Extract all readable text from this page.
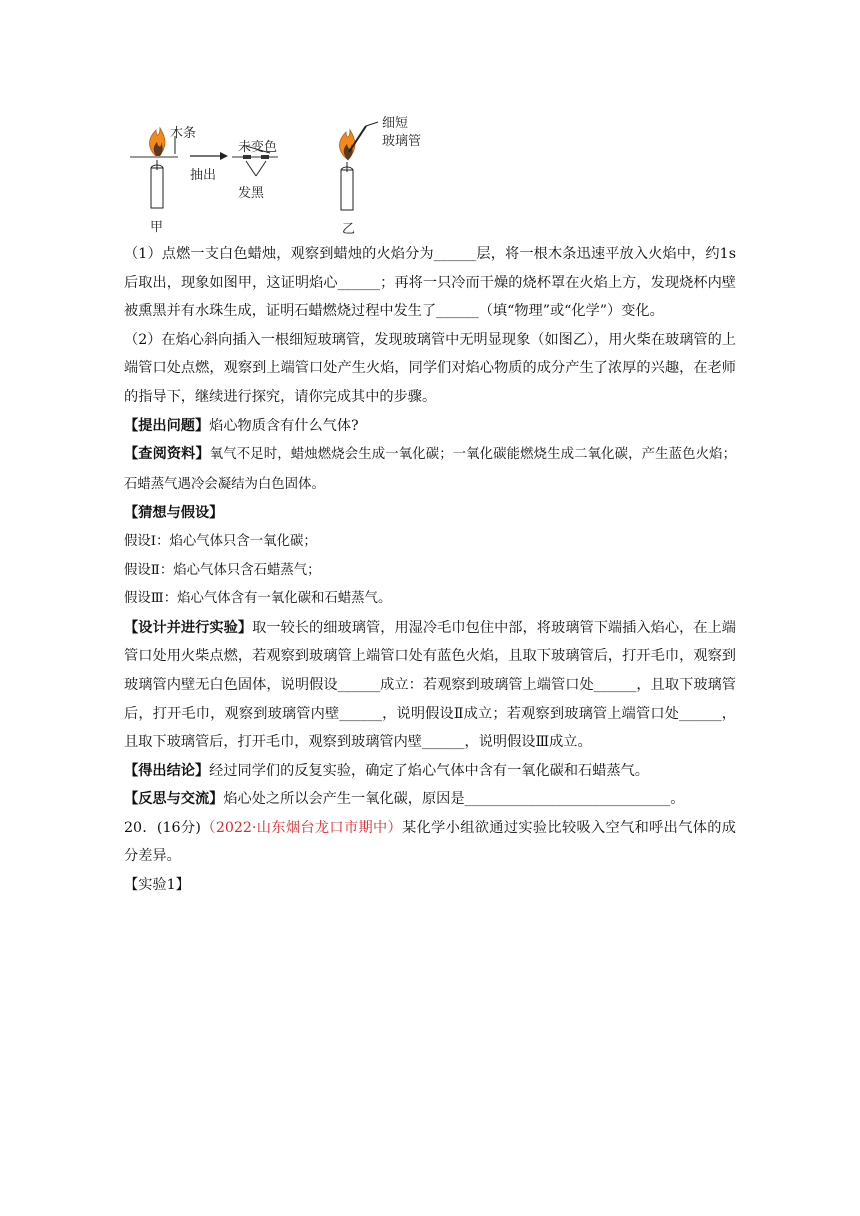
木条
未变色
抽出
发黑
甲
细短
玻璃管
乙

（1）点燃一支白色蜡烛，观察到蜡烛的火焰分为______层，将一根木条迅速平放入火焰中，约1s后取出，现象如图甲，这证明焰心______；再将一只冷而干燥的烧杯罩在火焰上方，发现烧杯内壁被熏黑并有水珠生成，证明石蜡燃烧过程中发生了______（填“物理”或“化学”）变化。

（2）在焰心斜向插入一根细短玻璃管，发现玻璃管中无明显现象（如图乙），用火柴在玻璃管的上端管口处点燃，观察到上端管口处产生火焰，同学们对焰心物质的成分产生了浓厚的兴趣，在老师的指导下，继续进行探究，请你完成其中的步骤。

【提出问题】焰心物质含有什么气体?

【查阅资料】氧气不足时，蜡烛燃烧会生成一氧化碳；一氧化碳能燃烧生成二氧化碳，产生蓝色火焰；石蜡蒸气遇冷会凝结为白色固体。

【猜想与假设】

假设Ⅰ：焰心气体只含一氧化碳；

假设Ⅱ：焰心气体只含石蜡蒸气；

假设Ⅲ：焰心气体含有一氧化碳和石蜡蒸气。

【设计并进行实验】取一较长的细玻璃管，用湿冷毛巾包住中部，将玻璃管下端插入焰心，在上端管口处用火柴点燃，若观察到玻璃管上端管口处有蓝色火焰，且取下玻璃管后，打开毛巾，观察到玻璃管内壁无白色固体，说明假设______成立：若观察到玻璃管上端管口处______，且取下玻璃管后，打开毛巾，观察到玻璃管内壁______，说明假设Ⅱ成立；若观察到玻璃管上端管口处______，且取下玻璃管后，打开毛巾，观察到玻璃管内壁______，说明假设Ⅲ成立。

【得出结论】经过同学们的反复实验，确定了焰心气体中含有一氧化碳和石蜡蒸气。

【反思与交流】焰心处之所以会产生一氧化碳，原因是_____________________________。

20．(16分)（2022·山东烟台龙口市期中）某化学小组欲通过实验比较吸入空气和呼出气体的成分差异。

【实验1】
